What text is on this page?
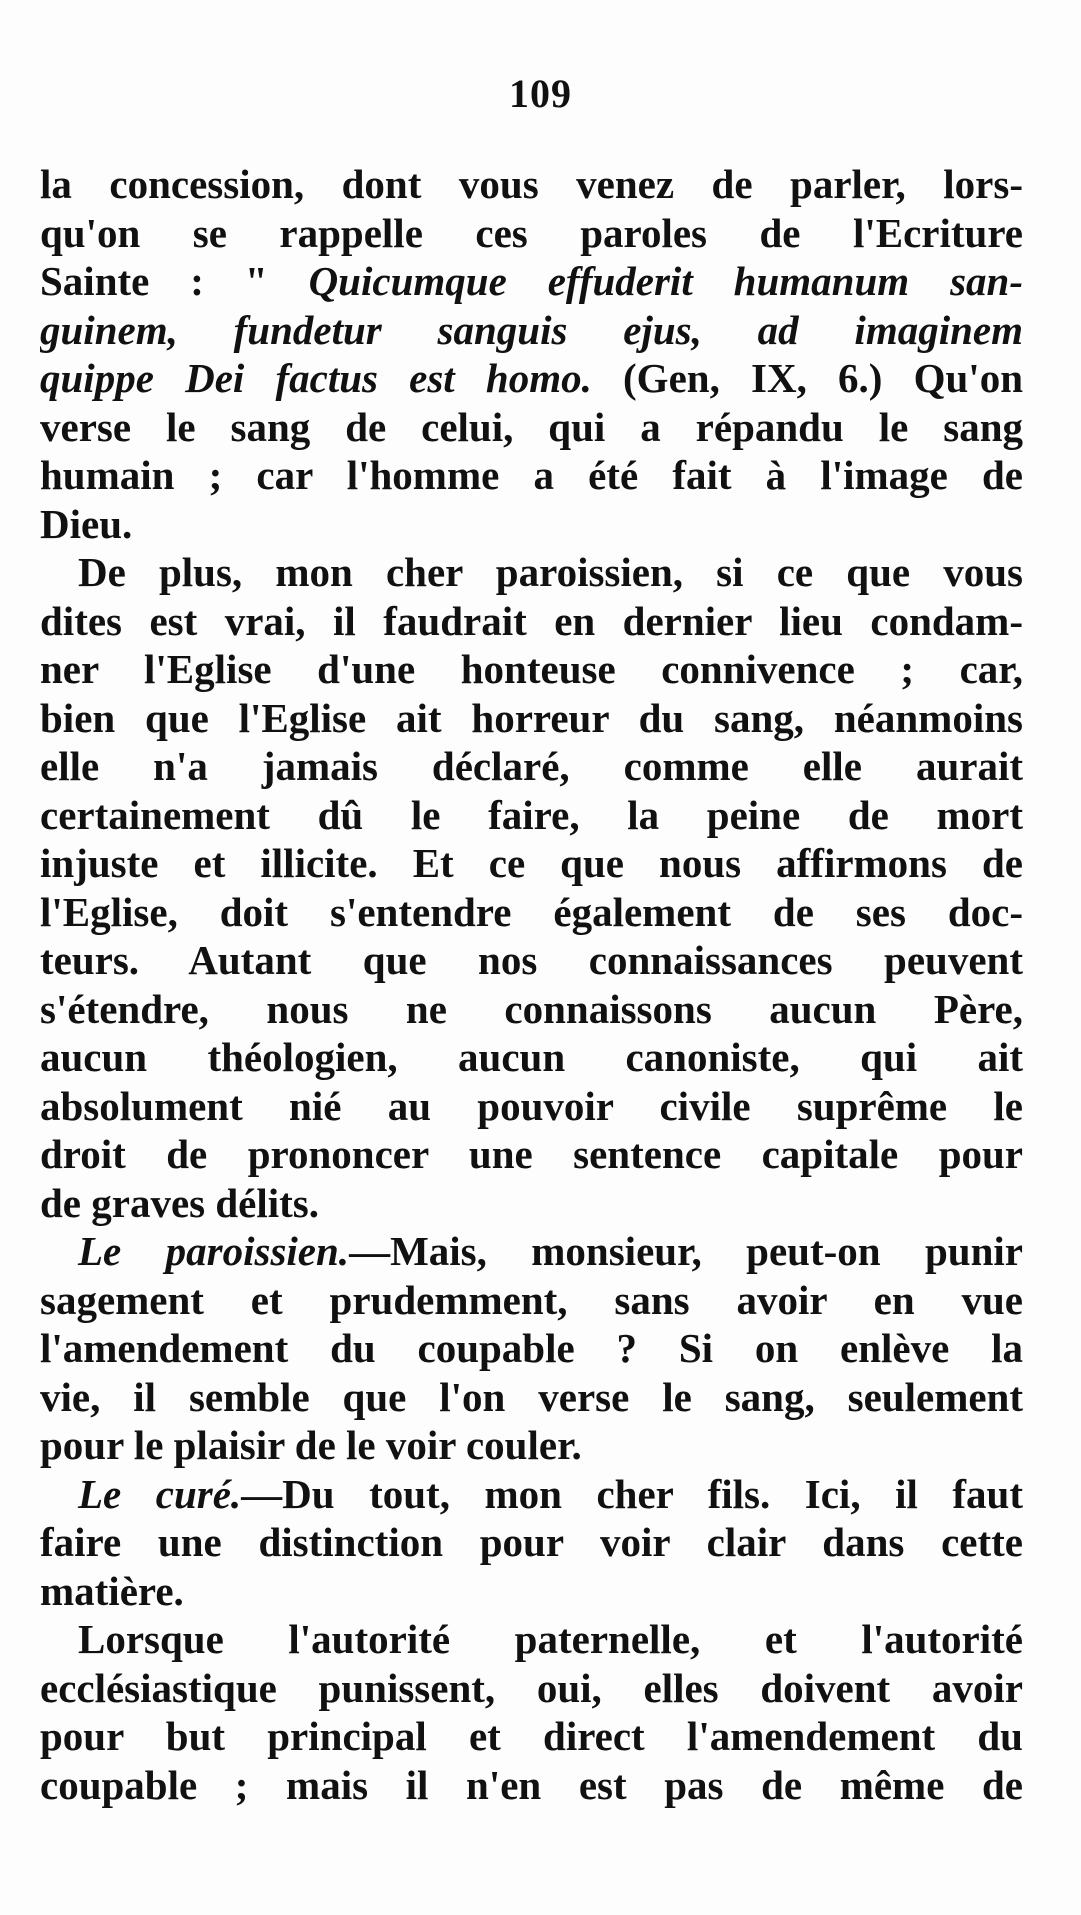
109
la concession, dont vous venez de parler, lors-
qu'on se rappelle ces paroles de l'Ecriture
Sainte : " Quicumque effuderit humanum san-
guinem, fundetur sanguis ejus, ad imaginem
quippe Dei factus est homo. (Gen, IX, 6.) Qu'on
verse le sang de celui, qui a répandu le sang
humain ; car l'homme a été fait à l'image de
Dieu.
De plus, mon cher paroissien, si ce que vous
dites est vrai, il faudrait en dernier lieu condam-
ner l'Eglise d'une honteuse connivence ; car,
bien que l'Eglise ait horreur du sang, néanmoins
elle n'a jamais déclaré, comme elle aurait
certainement dû le faire, la peine de mort
injuste et illicite. Et ce que nous affirmons de
l'Eglise, doit s'entendre également de ses doc-
teurs. Autant que nos connaissances peuvent
s'étendre, nous ne connaissons aucun Père,
aucun théologien, aucun canoniste, qui ait
absolument nié au pouvoir civile suprême le
droit de prononcer une sentence capitale pour
de graves délits.
Le paroissien.—Mais, monsieur, peut-on punir
sagement et prudemment, sans avoir en vue
l'amendement du coupable ? Si on enlève la
vie, il semble que l'on verse le sang, seulement
pour le plaisir de le voir couler.
Le curé.—Du tout, mon cher fils. Ici, il faut
faire une distinction pour voir clair dans cette
matière.
Lorsque l'autorité paternelle, et l'autorité
ecclésiastique punissent, oui, elles doivent avoir
pour but principal et direct l'amendement du
coupable ; mais il n'en est pas de même de
